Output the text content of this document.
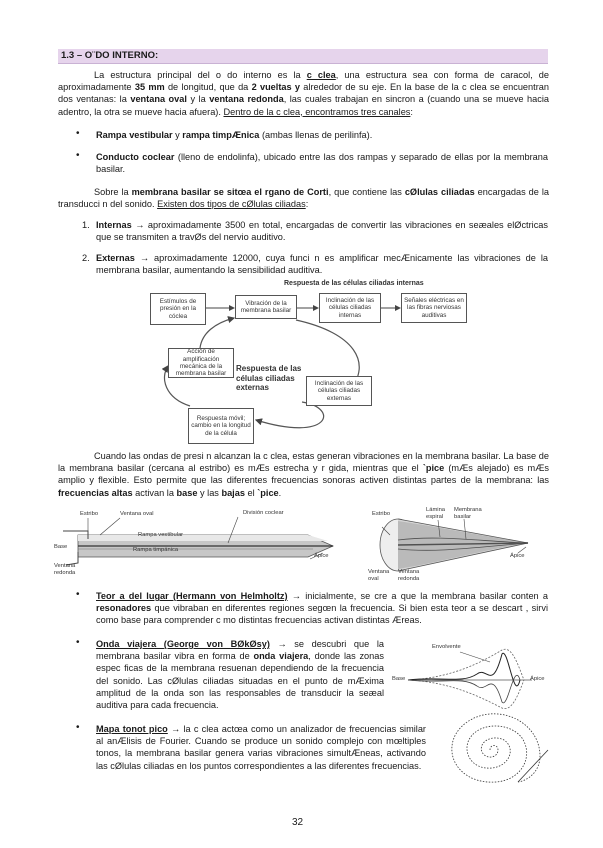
1.3 – O¨DO INTERNO:
La estructura principal del o do interno es la c clea, una estructura sea con forma de caracol, de aproximadamente 35 mm de longitud, que da 2 vueltas y alrededor de su eje. En la base de la c clea se encuentran dos ventanas: la ventana oval y la ventana redonda, las cuales trabajan en sincron a (cuando una se mueve hacia adentro, la otra se mueve hacia afuera). Dentro de la c clea, encontramos tres canales:
• Rampa vestibular y rampa timpÆnica (ambas llenas de perilinfa).
• Conducto coclear (lleno de endolinfa), ubicado entre las dos rampas y separado de ellas por la membrana basilar.
Sobre la membrana basilar se sitœa el rgano de Corti, que contiene las cØlulas ciliadas encargadas de la transducci n del sonido. Existen dos tipos de cØlulas ciliadas:
1. Internas → aproximadamente 3500 en total, encargadas de convertir las vibraciones en seæales elØctricas que se transmiten a travØs del nervio auditivo.
2. Externas → aproximadamente 12000, cuya funci n es amplificar mecÆnicamente las vibraciones de la membrana basilar, aumentando la sensibilidad auditiva.
Respuesta de las células ciliadas internas
Estímulos de presión en la cóclea
Vibración de la membrana basilar
Inclinación de las células ciliadas internas
Señales eléctricas en las fibras nerviosas auditivas
Acción de amplificación mecánica de la membrana basilar
Respuesta de las células ciliadas externas	Inclinación de las células ciliadas externas
Respuesta móvil; cambio en la longitud de la célula
Cuando las ondas de presi n alcanzan la c clea, estas generan vibraciones en la membrana basilar. La base de la membrana basilar (cercana al estribo) es mÆs estrecha y r gida, mientras que el `pice (mÆs alejado) es mÆs amplio y flexible. Esto permite que las diferentes frecuencias sonoras activen distintas partes de la membrana: las frecuencias altas activan la base y las bajas el `pice.
Estribo	Ventana oval	División coclear
Rampa vestibular
Rampa timpánica
Base
Ventana redonda
Ápice
Estribo
Lámina espiral
Membrana basilar
Ventana oval
Ventana redonda
Ápice
• Teor a del lugar (Hermann von Helmholtz) → inicialmente, se cre a que la membrana basilar conten a resonadores que vibraban en diferentes regiones segœn la frecuencia. Si bien esta teor a se descart , sirvi como base para comprender c mo distintas frecuencias activan distintas Æreas.
• Onda viajera (George von BØkØsy) → se descubri que la membrana basilar vibra en forma de onda viajera, donde las zonas espec ficas de la membrana resuenan dependiendo de la frecuencia del sonido. Las cØlulas ciliadas situadas en el punto de mÆxima amplitud de la onda son las responsables de transducir la seæal auditiva para cada frecuencia.
Envolvente
Base	Ápice
• Mapa tonot pico → la c clea actœa como un analizador de frecuencias similar al anÆlisis de Fourier. Cuando se produce un sonido complejo con mœltiples tonos, la membrana basilar genera varias vibraciones simultÆneas, activando las cØlulas ciliadas en los puntos correspondientes a las diferentes frecuencias.
32
